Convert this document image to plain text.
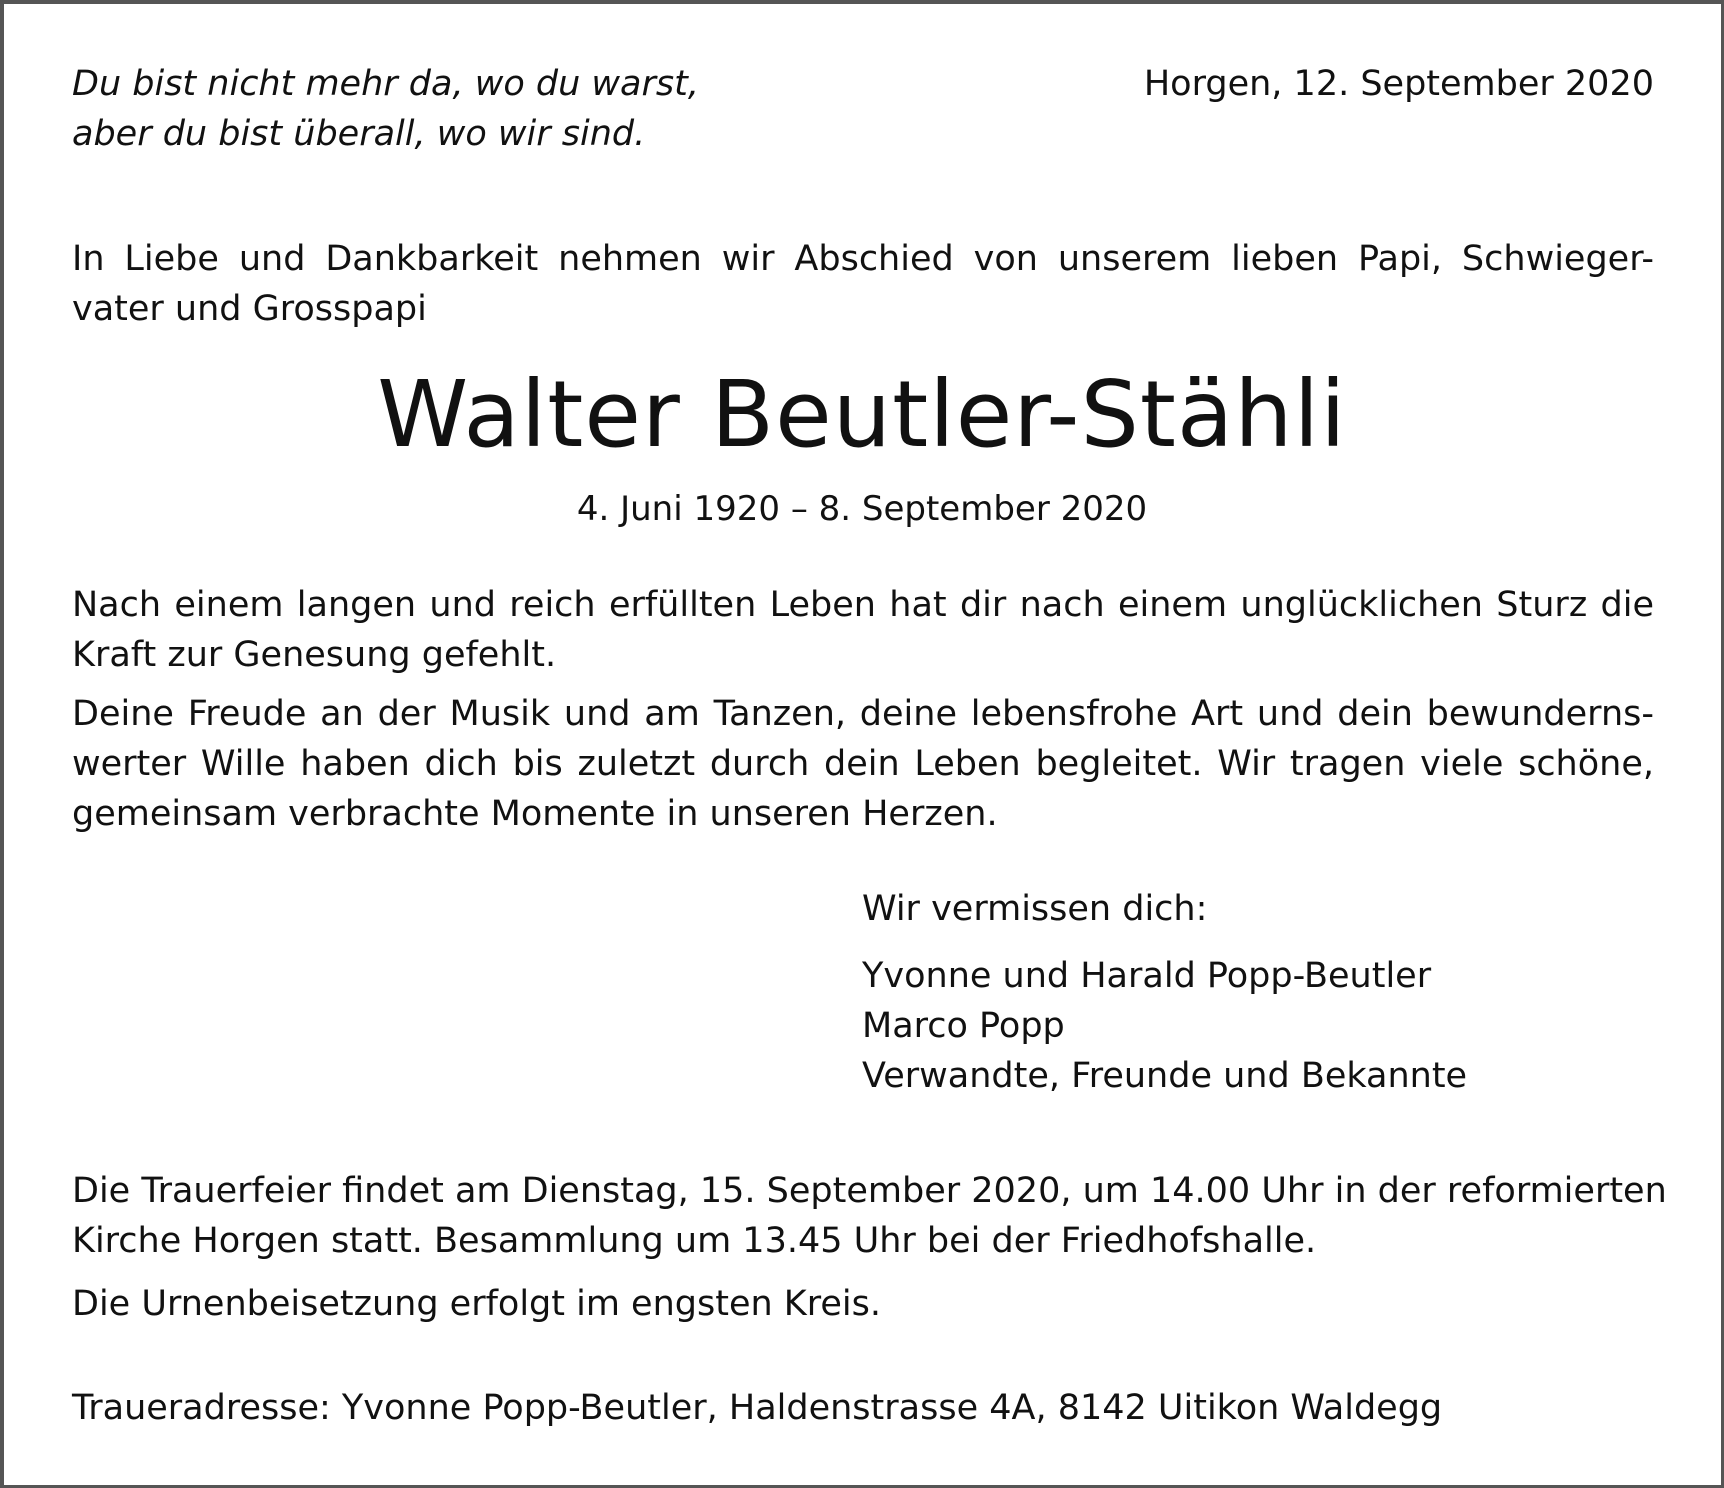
Du bist nicht mehr da, wo du warst,

aber du bist überall, wo wir sind.

Horgen, 12. September 2020

In Liebe und Dankbarkeit nehmen wir Abschied von unserem lieben Papi, Schwieger-
vater und Grosspapi
Walter Beutler-Stähli
4. Juni 1920 – 8. September 2020
Nach einem langen und reich erfüllten Leben hat dir nach einem unglücklichen Sturz die
Kraft zur Genesung gefehlt.
Deine Freude an der Musik und am Tanzen, deine lebensfrohe Art und dein bewunderns-
werter Wille haben dich bis zuletzt durch dein Leben begleitet. Wir tragen viele schöne,
gemeinsam verbrachte Momente in unseren Herzen.
Wir vermissen dich:
Yvonne und Harald Popp-Beutler
Marco Popp
Verwandte, Freunde und Bekannte
Die Trauerfeier findet am Dienstag, 15. September 2020, um 14.00 Uhr in der reformierten
Kirche Horgen statt. Besammlung um 13.45 Uhr bei der Friedhofshalle.

Die Urnenbeisetzung erfolgt im engsten Kreis.

Traueradresse: Yvonne Popp-Beutler, Haldenstrasse 4A, 8142 Uitikon Waldegg
